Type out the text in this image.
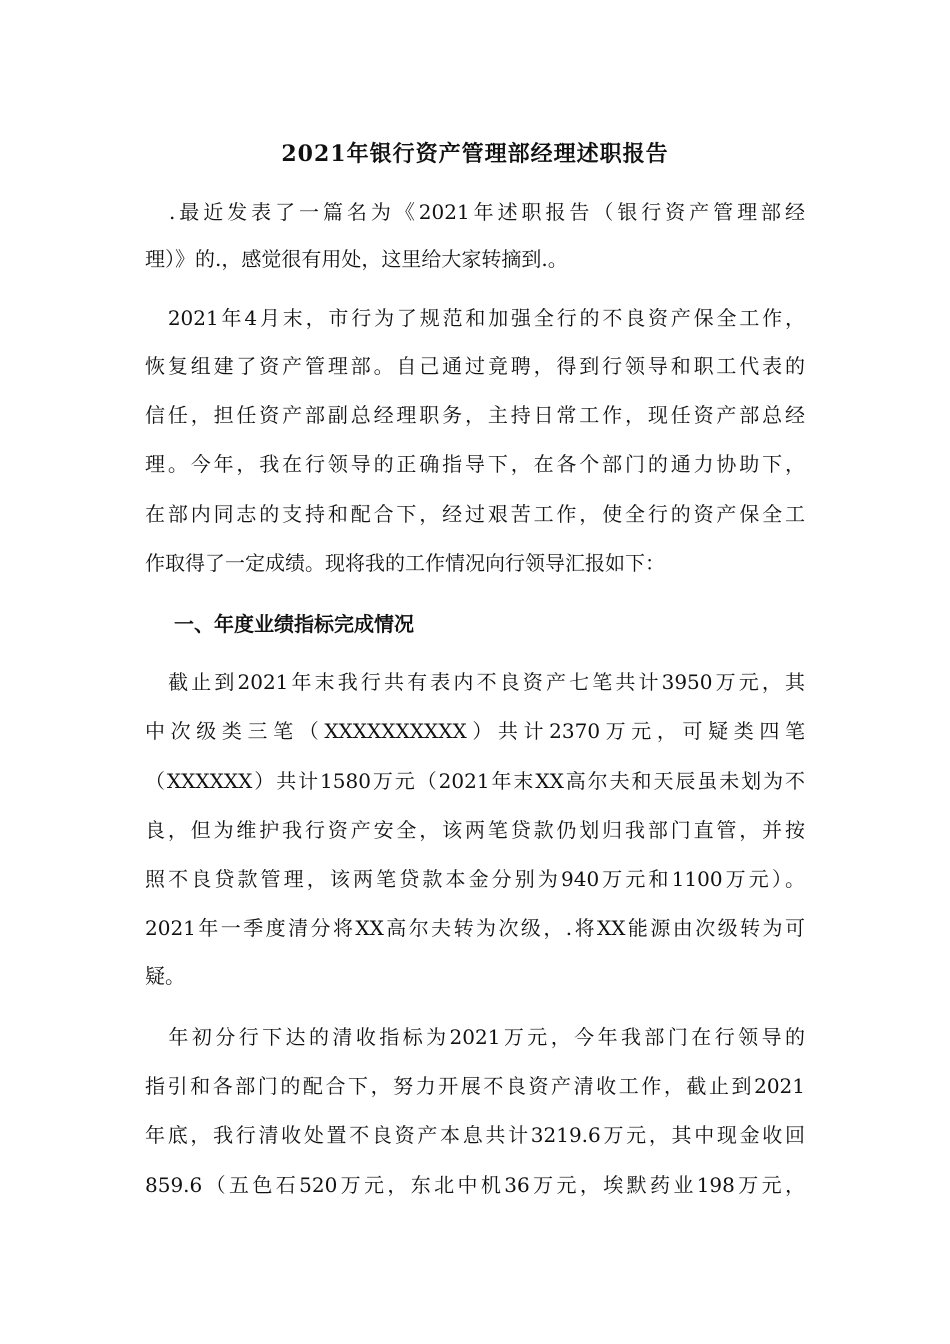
2021年银行资产管理部经理述职报告
　.最近发表了一篇名为《2021年述职报告（银行资产管理部经
理）》的.，感觉很有用处，这里给大家转摘到.。
　2021年4月末，市行为了规范和加强全行的不良资产保全工作，
恢复组建了资产管理部。自己通过竟聘，得到行领导和职工代表的
信任，担任资产部副总经理职务，主持日常工作，现任资产部总经
理。今年，我在行领导的正确指导下，在各个部门的通力协助下，
在部内同志的支持和配合下，经过艰苦工作，使全行的资产保全工
作取得了一定成绩。现将我的工作情况向行领导汇报如下：
一、年度业绩指标完成情况
　截止到2021年末我行共有表内不良资产七笔共计3950万元，其
中次级类三笔（XXXXXXXXXX）共计2370万元，可疑类四笔
（XXXXXX）共计1580万元（2021年末XX高尔夫和天辰虽未划为不
良，但为维护我行资产安全，该两笔贷款仍划归我部门直管，并按
照不良贷款管理，该两笔贷款本金分别为940万元和1100万元）。
2021年一季度清分将XX高尔夫转为次级，.将XX能源由次级转为可
疑。
　年初分行下达的清收指标为2021万元，今年我部门在行领导的
指引和各部门的配合下，努力开展不良资产清收工作，截止到2021
年底，我行清收处置不良资产本息共计3219.6万元，其中现金收回
859.6（五色石520万元，东北中机36万元，埃默药业198万元，
